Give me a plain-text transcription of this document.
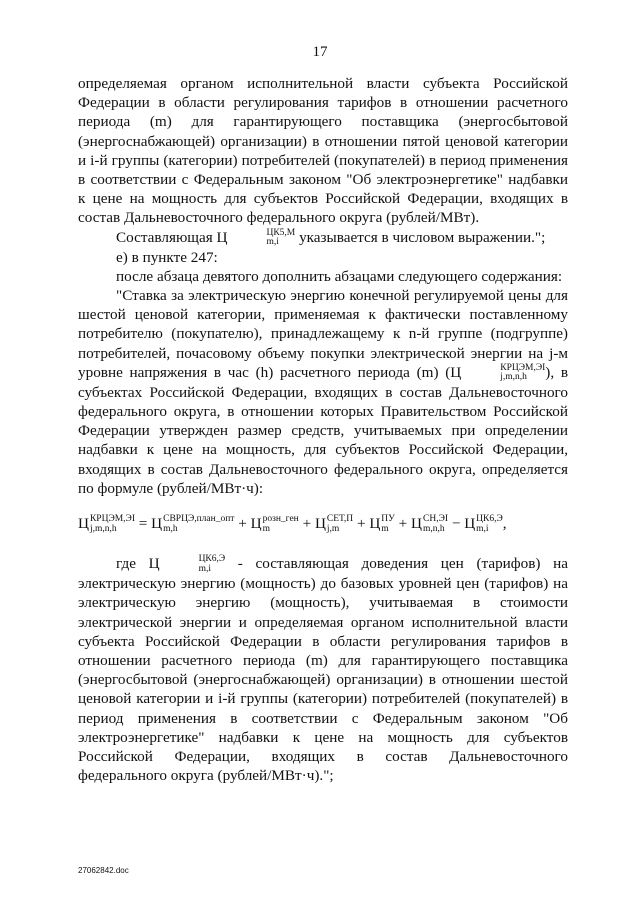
17

определяемая органом исполнительной власти субъекта Российской Федерации в области регулирования тарифов в отношении расчетного периода (m) для гарантирующего поставщика (энергосбытовой (энергоснабжающей) организации) в отношении пятой ценовой категории и i-й группы (категории) потребителей (покупателей) в период применения в соответствии с Федеральным законом "Об электроэнергетике" надбавки к цене на мощность для субъектов Российской Федерации, входящих в состав Дальневосточного федерального округа (рублей/МВт).

Составляющая Ц	ЦК5,М
m,i	указывается в числовом выражении.";

е) в пункте 247:

после абзаца девятого дополнить абзацами следующего содержания:

"Ставка за электрическую энергию конечной регулируемой цены для шестой ценовой категории, применяемая к фактически поставленному потребителю (покупателю), принадлежащему к n-й группе (подгруппе) потребителей, почасовому объему покупки электрической энергии на j-м уровне напряжения в час (h) расчетного периода (m) (Ц	КРЦЭМ,ЭI
j,m,n,h	), в субъектах Российской Федерации, входящих в состав Дальневосточного федерального округа, в отношении которых Правительством Российской Федерации утвержден размер средств, учитываемых при определении надбавки к цене на мощность, для субъектов Российской Федерации, входящих в состав Дальневосточного федерального округа, определяется по формуле (рублей/МВт·ч):

Ц КРЦЭМ,ЭI
j,m,n,h	= Ц СВРЦЭ,план_опт
m,h	+ Ц розн_ген
m	+ Ц СЕТ,П
j,m + Ц ПУ
m + Ц СН,ЭI
m,n,h − Ц ЦК6,Э
m,i ,

где Ц	ЦК6,Э
m,i - составляющая доведения цен (тарифов) на электрическую энергию (мощность) до базовых уровней цен (тарифов) на электрическую энергию (мощность), учитываемая в стоимости электрической энергии и определяемая органом исполнительной власти субъекта Российской Федерации в области регулирования тарифов в отношении расчетного периода (m) для гарантирующего поставщика (энергосбытовой (энергоснабжающей) организации) в отношении шестой ценовой категории и i-й группы (категории) потребителей (покупателей) в период применения в соответствии с Федеральным законом "Об электроэнергетике" надбавки к цене на мощность для субъектов Российской Федерации, входящих в состав Дальневосточного федерального округа (рублей/МВт·ч).";

27062842.doc
